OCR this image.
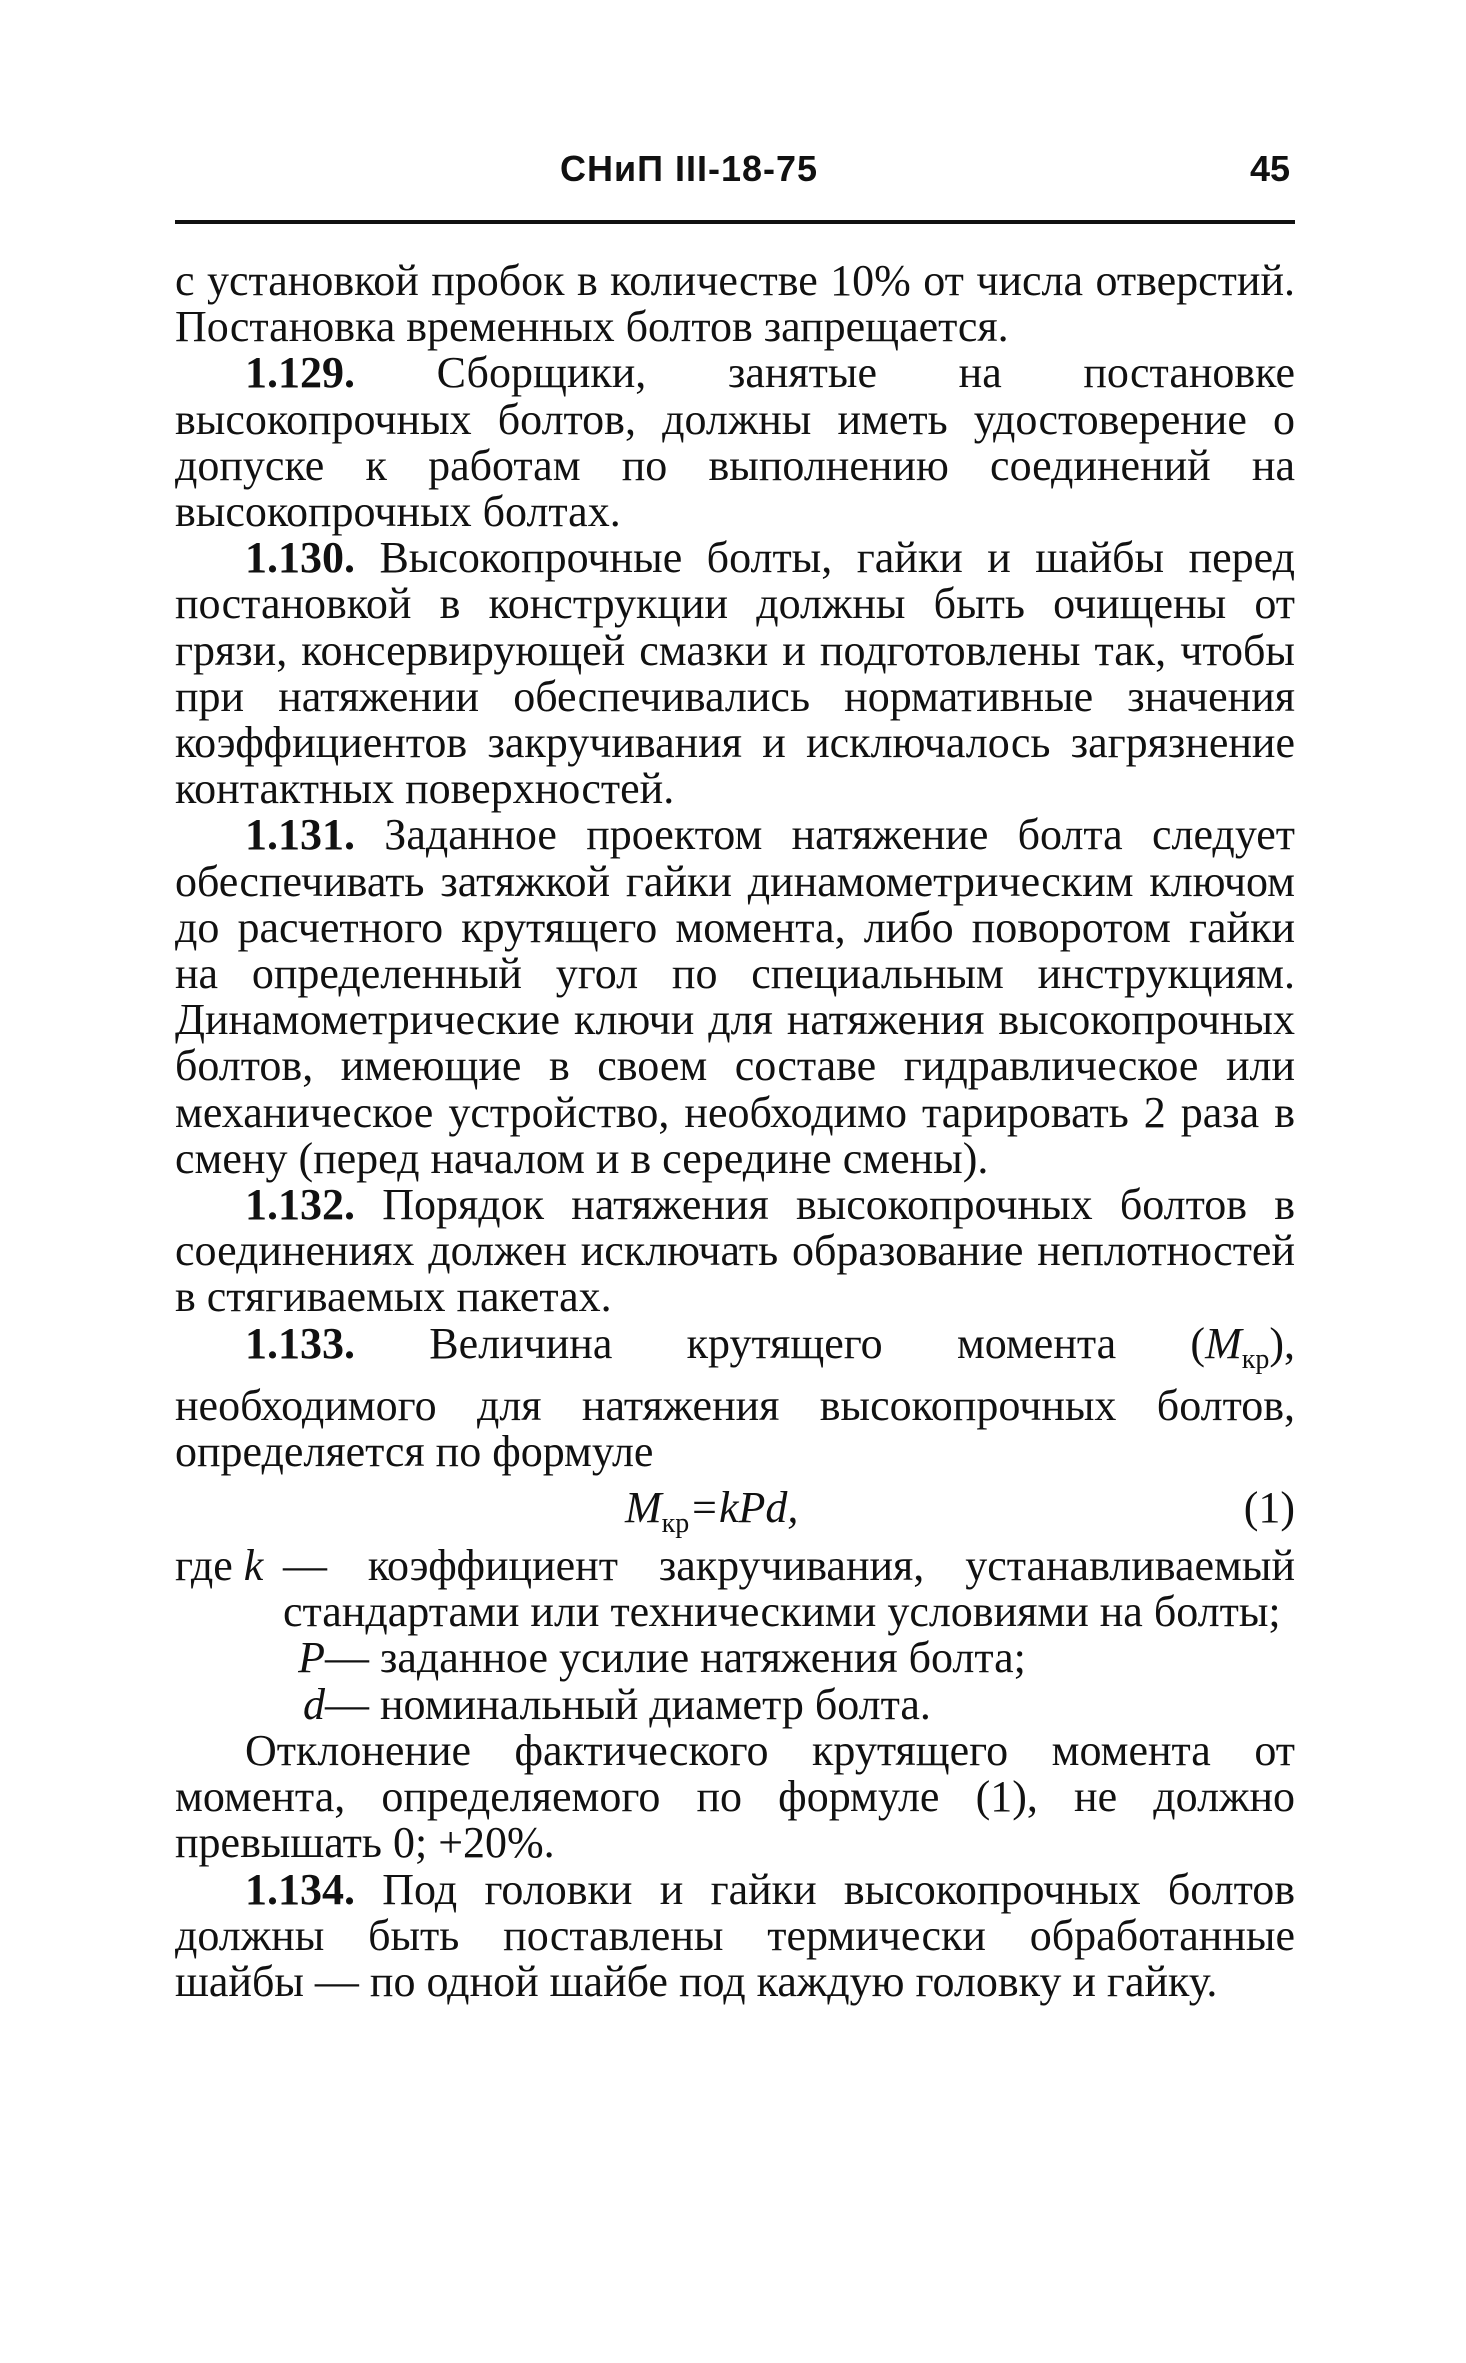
СНиП III-18-75	45

с установкой пробок в количестве 10% от числа отверстий. Постановка временных болтов запрещается.

1.129. Сборщики, занятые на постановке высокопрочных болтов, должны иметь удостоверение о допуске к работам по выполнению соединений на высокопрочных болтах.

1.130. Высокопрочные болты, гайки и шайбы перед постановкой в конструкции должны быть очищены от грязи, консервирующей смазки и подготовлены так, чтобы при натяжении обеспечивались нормативные значения коэффициентов закручивания и исключалось загрязнение контактных поверхностей.

1.131. Заданное проектом натяжение болта следует обеспечивать затяжкой гайки динамометрическим ключом до расчетного крутящего момента, либо поворотом гайки на определенный угол по специальным инструкциям. Динамометрические ключи для натяжения высокопрочных болтов, имеющие в своем составе гидравлическое или механическое устройство, необходимо тарировать 2 раза в смену (перед началом и в середине смены).

1.132. Порядок натяжения высокопрочных болтов в соединениях должен исключать образование неплотностей в стягиваемых пакетах.

1.133. Величина крутящего момента $(M_{кр})$, необходимого для натяжения высокопрочных болтов, определяется по формуле

$M_{кр}=kPd$,	(1)
где k — коэффициент закручивания, устанавливаемый стандартами или техническими условиями на болты;
P — заданное усилие натяжения болта;
d — номинальный диаметр болта.

Отклонение фактического крутящего момента от момента, определяемого по формуле (1), не должно превышать 0; +20%.

1.134. Под головки и гайки высокопрочных болтов должны быть поставлены термически обработанные шайбы — по одной шайбе под каждую головку и гайку.
